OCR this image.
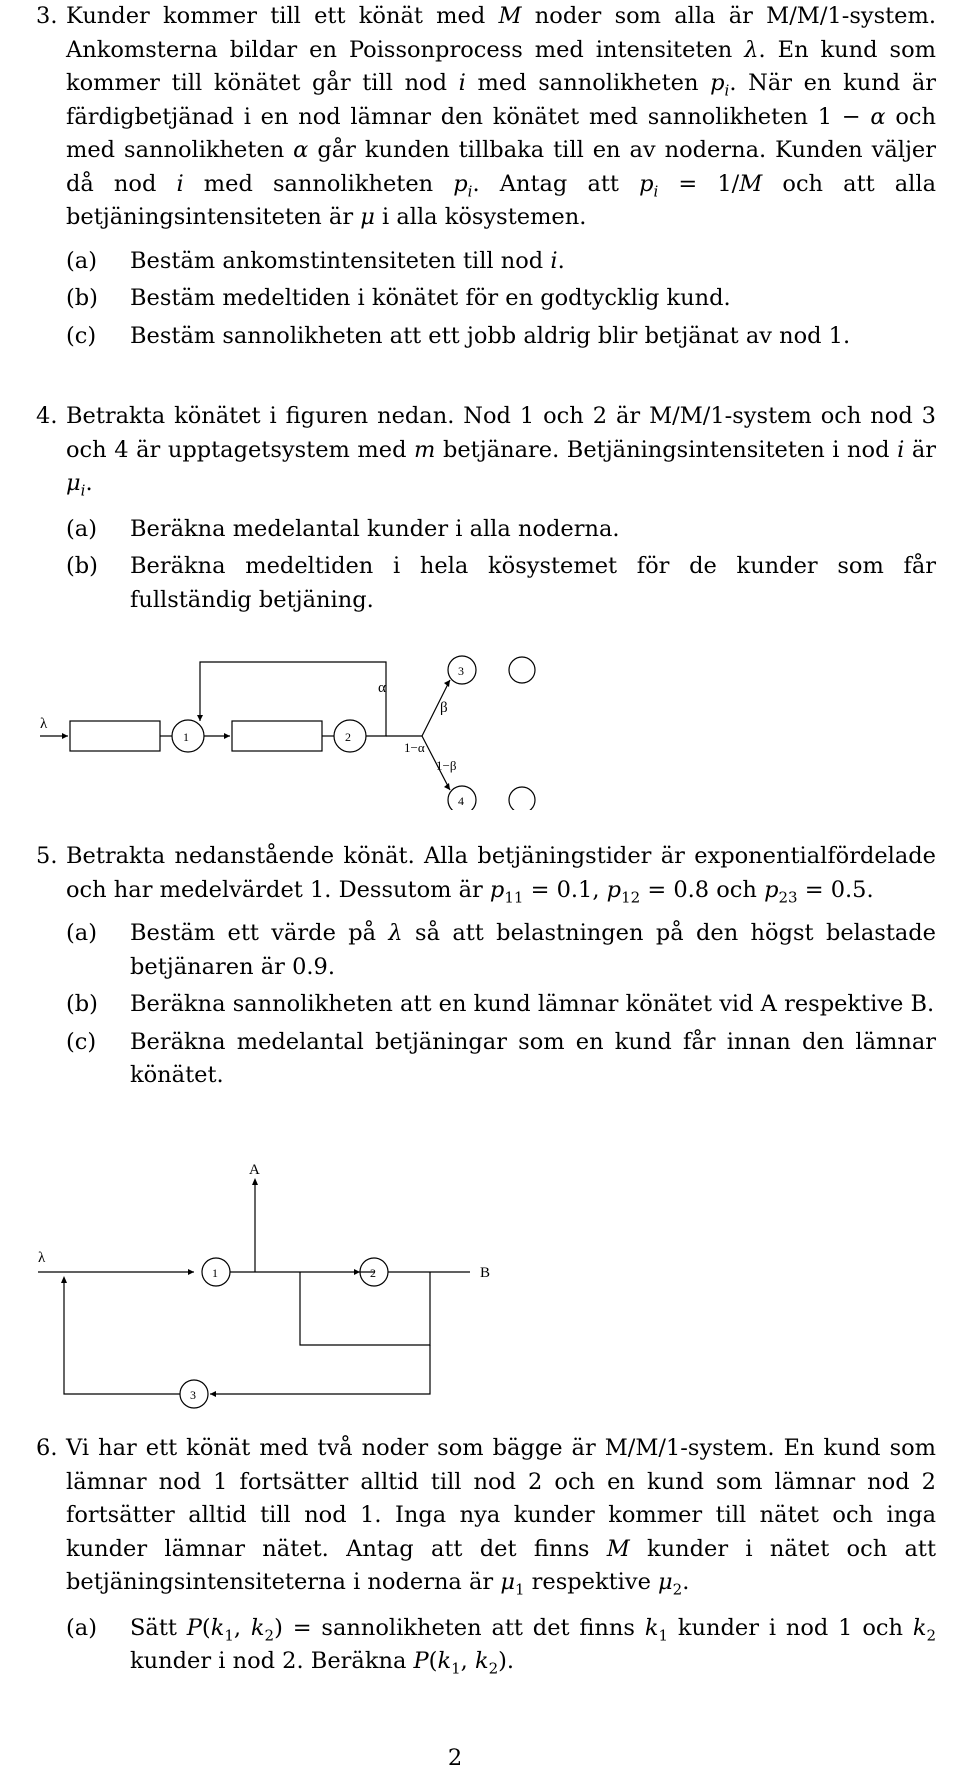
3. Kunder kommer till ett könät med M noder som alla är M/M/1-system. Ankomsterna bildar en Poissonprocess med intensiteten λ. En kund som kommer till könätet går till nod i med sannolikheten $p_i$. När en kund är färdigbetjänad i en nod lämnar den könätet med sannolikheten 1 − α och med sannolikheten α går kunden tillbaka till en av noderna. Kunden väljer då nod i med sannolikheten $p_i$. Antag att $p_i = 1/M$ och att alla betjäningsintensiteten är μ i alla kösystemen.
(a) Bestäm ankomstintensiteten till nod i.
(b) Bestäm medeltiden i könätet för en godtycklig kund.
(c) Bestäm sannolikheten att ett jobb aldrig blir betjänat av nod 1.
4. Betrakta könätet i figuren nedan. Nod 1 och 2 är M/M/1-system och nod 3 och 4 är upptagetsystem med m betjänare. Betjäningsintensiteten i nod i är $\mu_i$.
(a) Beräkna medelantal kunder i alla noderna.
(b) Beräkna medeltiden i hela kösystemet för de kunder som får fullständig betjäning.
λ
1	2
3
4
α
1−α
β
1−β
5. Betrakta nedanstående könät. Alla betjäningstider är exponentialfördelade och har medelvärdet 1. Dessutom är $p_{11} = 0.1$, $p_{12} = 0.8$ och $p_{23} = 0.5$.
(a) Bestäm ett värde på λ så att belastningen på den högst belastade betjänaren är 0.9.
(b) Beräkna sannolikheten att en kund lämnar könätet vid A respektive B.
(c) Beräkna medelantal betjäningar som en kund får innan den lämnar könätet.
λ
1	2
3
A
B
6. Vi har ett könät med två noder som bägge är M/M/1-system. En kund som lämnar nod 1 fortsätter alltid till nod 2 och en kund som lämnar nod 2 fortsätter alltid till nod 1. Inga nya kunder kommer till nätet och inga kunder lämnar nätet. Antag att det finns M kunder i nätet och att betjäningsintensiteterna i noderna är $\mu_1$ respektive $\mu_2$.
(a) Sätt $P(k_1$, $k_2$) = sannolikheten att det finns $k_1$ kunder i nod 1 och $k_2$ kunder i nod 2. Beräkna $P(k_1$, $k_2$).
2
